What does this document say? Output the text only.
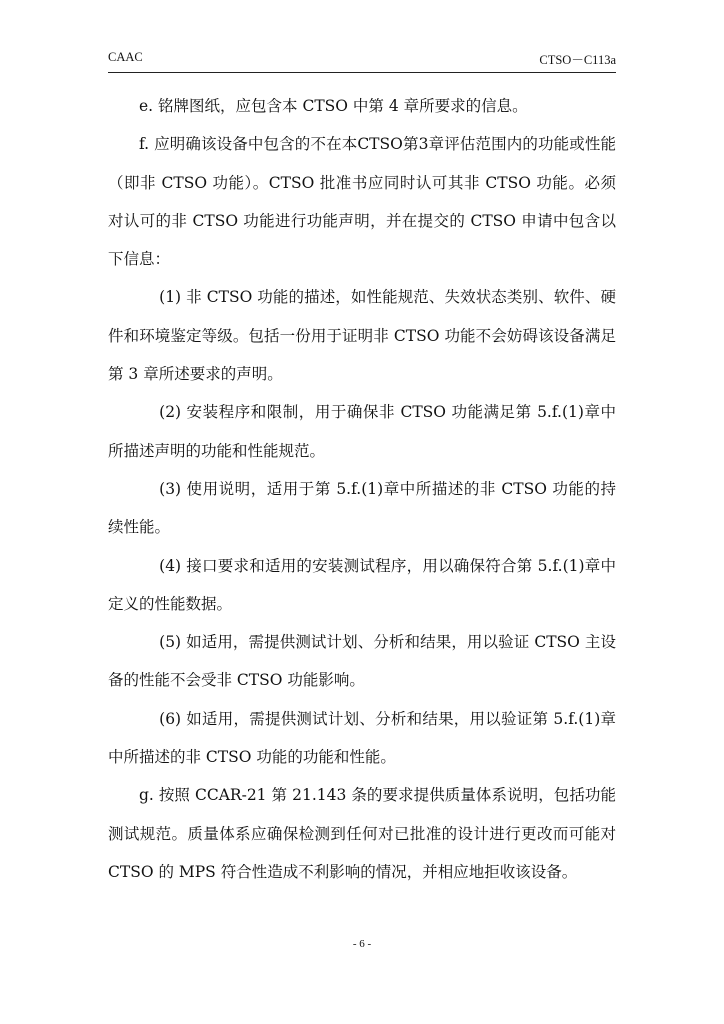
CAAC	CTSO－C113a

e. 铭牌图纸，应包含本 CTSO 中第 4 章所要求的信息。

f. 应明确该设备中包含的不在本CTSO第3章评估范围内的功能或性能（即非 CTSO 功能）。CTSO 批准书应同时认可其非 CTSO 功能。必须对认可的非 CTSO 功能进行功能声明，并在提交的 CTSO 申请中包含以下信息：

(1) 非 CTSO 功能的描述，如性能规范、失效状态类别、软件、硬件和环境鉴定等级。包括一份用于证明非 CTSO 功能不会妨碍该设备满足第 3 章所述要求的声明。

(2) 安装程序和限制，用于确保非 CTSO 功能满足第 5.f.(1)章中所描述声明的功能和性能规范。

(3) 使用说明，适用于第 5.f.(1)章中所描述的非 CTSO 功能的持续性能。

(4) 接口要求和适用的安装测试程序，用以确保符合第 5.f.(1)章中定义的性能数据。

(5) 如适用，需提供测试计划、分析和结果，用以验证 CTSO 主设备的性能不会受非 CTSO 功能影响。

(6) 如适用，需提供测试计划、分析和结果，用以验证第 5.f.(1)章中所描述的非 CTSO 功能的功能和性能。

g. 按照 CCAR-21 第 21.143 条的要求提供质量体系说明，包括功能测试规范。质量体系应确保检测到任何对已批准的设计进行更改而可能对 CTSO 的 MPS 符合性造成不利影响的情况，并相应地拒收该设备。

- 6 -
